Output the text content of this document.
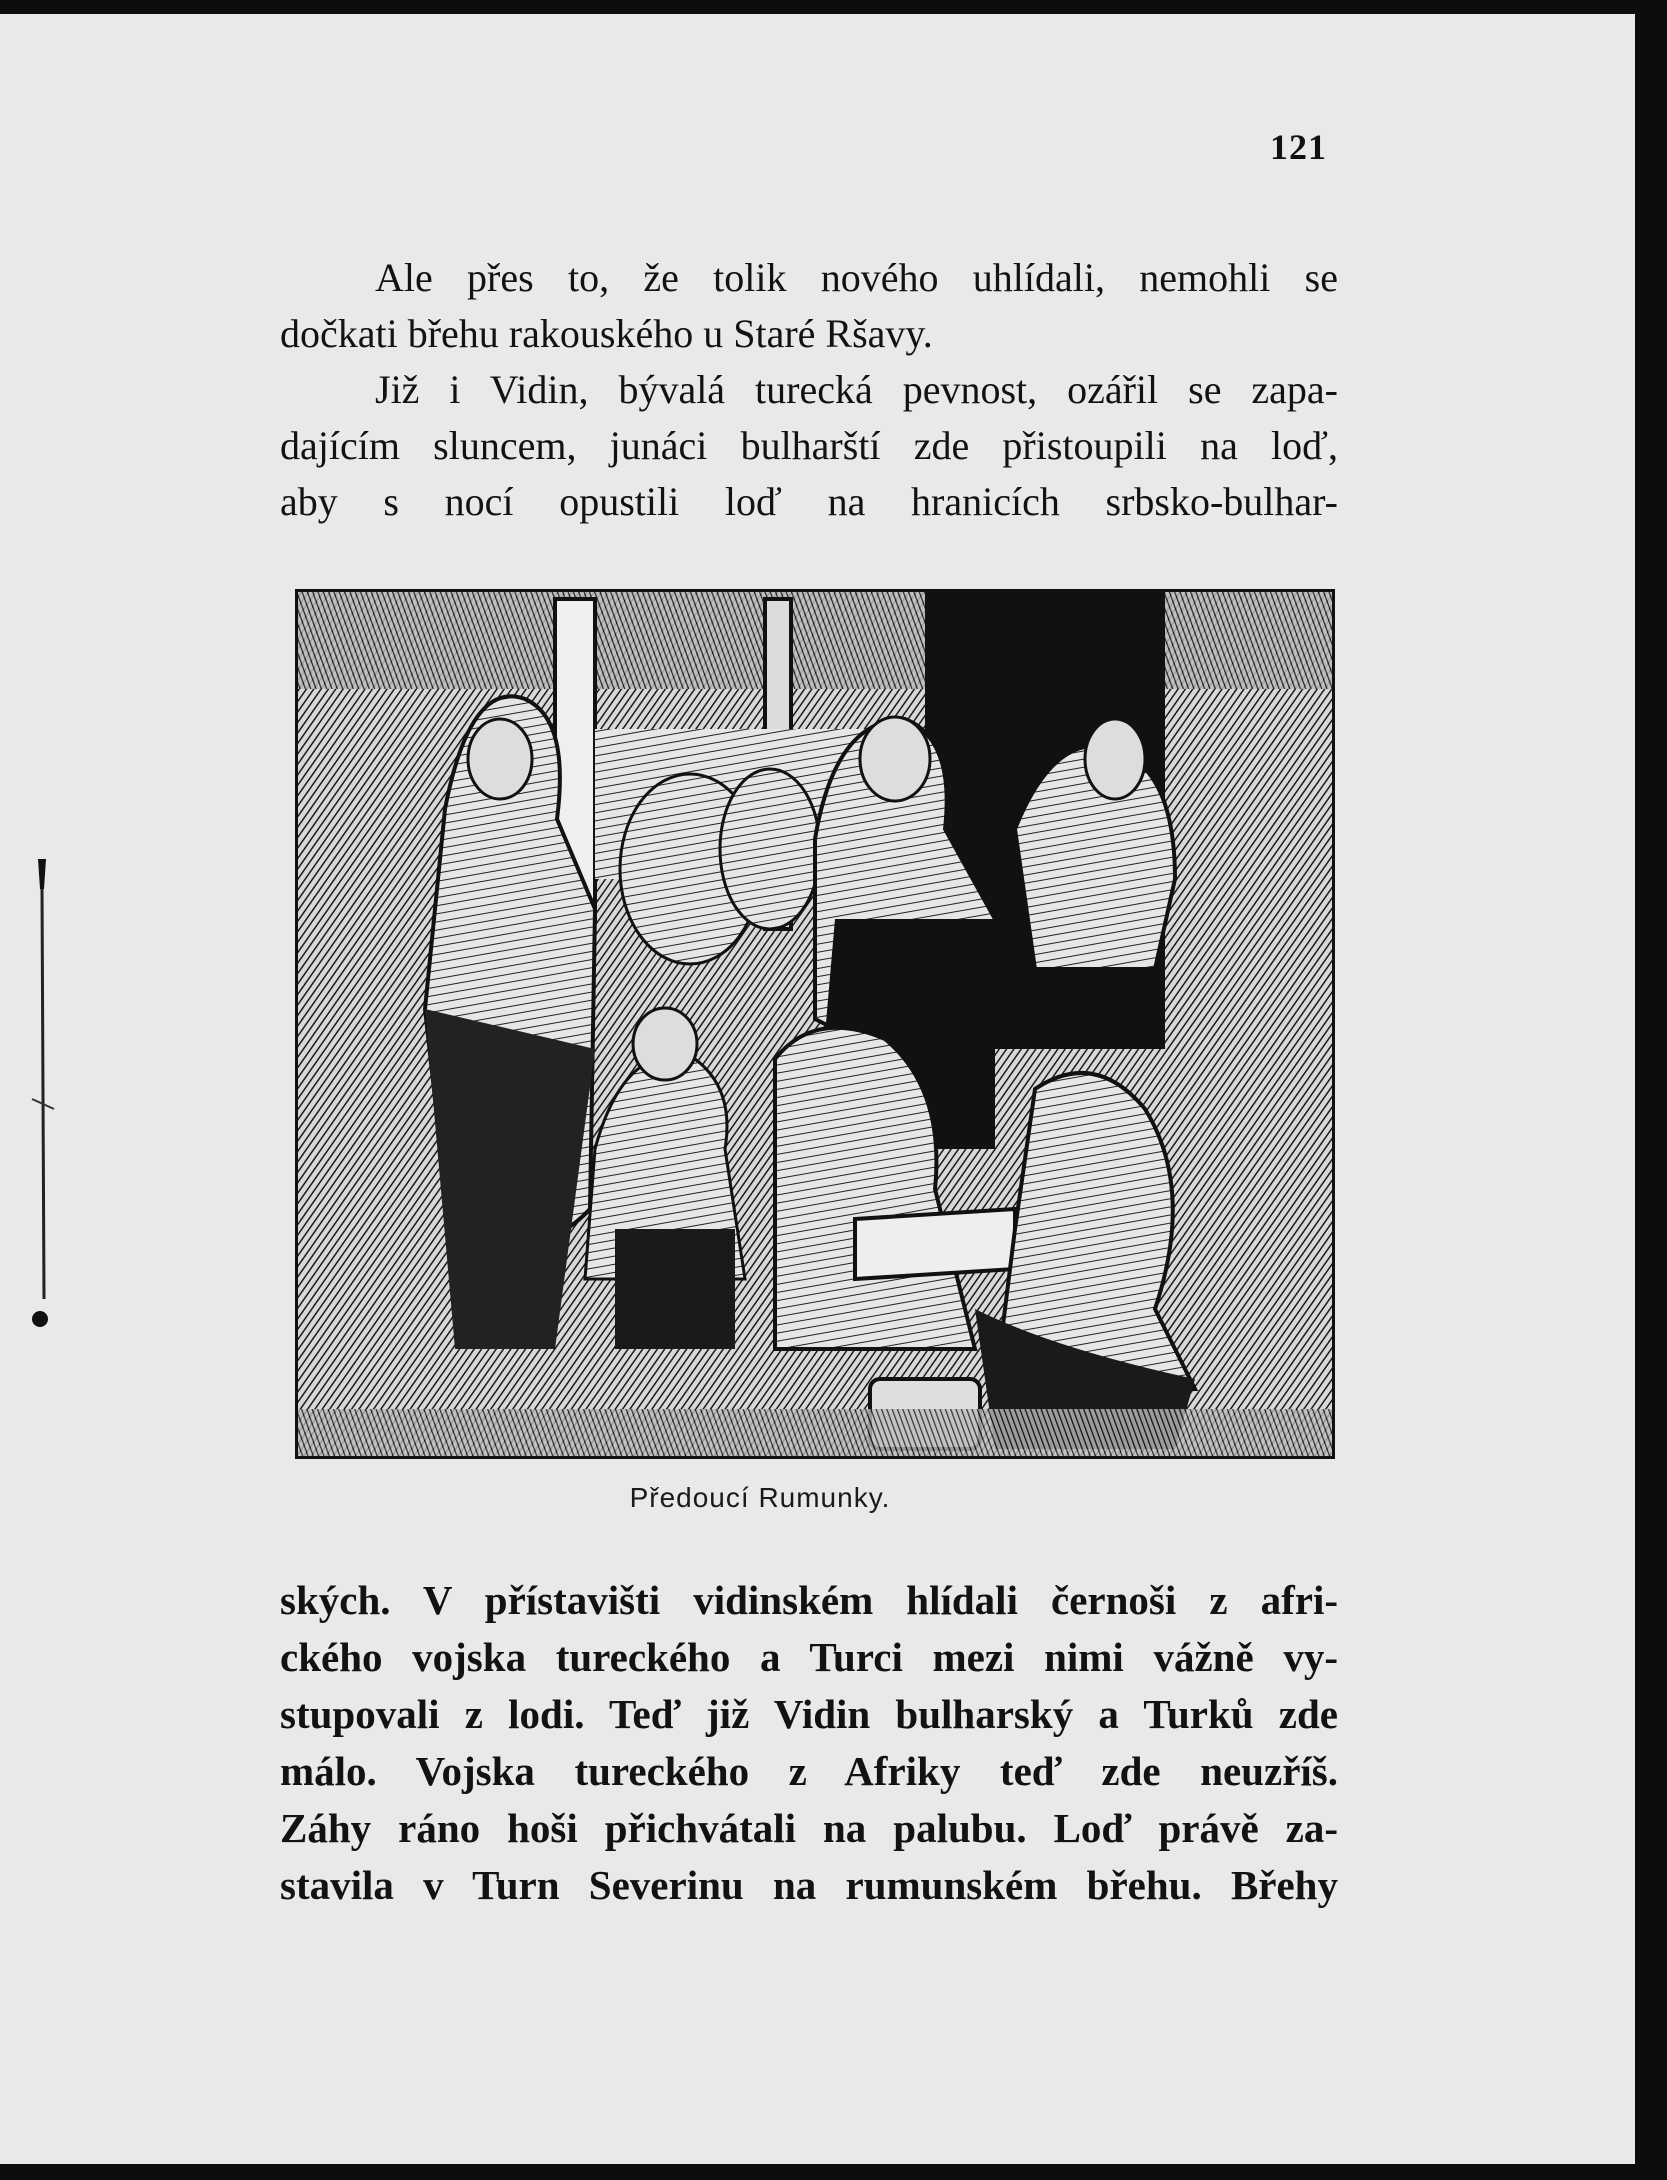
121
Ale přes to, že tolik nového uhlídali, nemohli se
dočkati břehu rakouského u Staré Ršavy.
Již i Vidin, bývalá turecká pevnost, ozářil se zapa-
dajícím sluncem, junáci bulharští zde přistoupili na loď,
aby s nocí opustili loď na hranicích srbsko-bulhar-
Předoucí Rumunky.
ských. V přístavišti vidinském hlídali černoši z afri-
ckého vojska tureckého a Turci mezi nimi vážně vy-
stupovali z lodi. Teď již Vidin bulharský a Turků zde
málo. Vojska tureckého z Afriky teď zde neuzříš.
Záhy ráno hoši přichvátali na palubu. Loď právě za-
stavila v Turn Severinu na rumunském břehu. Břehy
